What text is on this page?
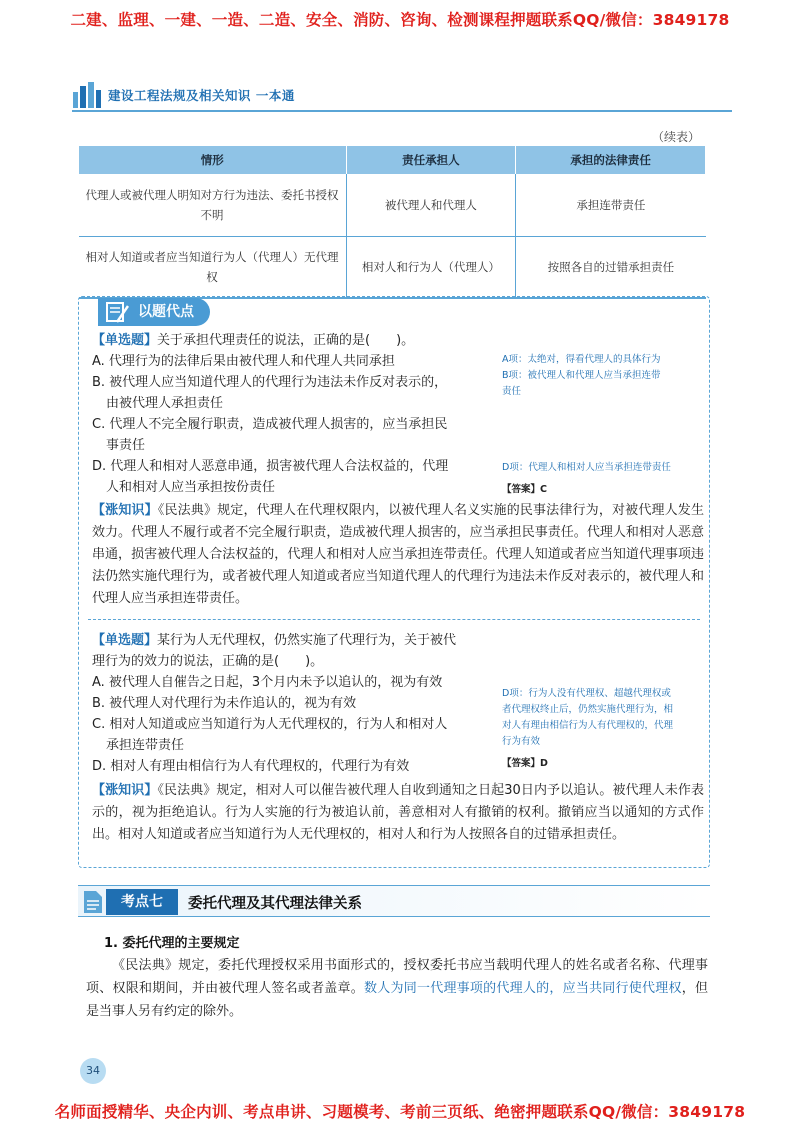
二建、监理、一建、一造、二造、安全、消防、咨询、检测课程押题联系QQ/微信：3849178
建设工程法规及相关知识 一本通
（续表）
情形	责任承担人	承担的法律责任
代理人或被代理人明知对方行为违法、委托书授权不明	被代理人和代理人	承担连带责任
相对人知道或者应当知道行为人（代理人）无代理权	相对人和行为人（代理人）	按照各自的过错承担责任
以题代点
【单选题】关于承担代理责任的说法，正确的是(　　)。
A. 代理行为的法律后果由被代理人和代理人共同承担
B. 被代理人应当知道代理人的代理行为违法未作反对表示的，
由被代理人承担责任
C. 代理人不完全履行职责，造成被代理人损害的，应当承担民
事责任
D. 代理人和相对人恶意串通，损害被代理人合法权益的，代理
人和相对人应当承担按份责任
A项：太绝对，得看代理人的具体行为
B项：被代理人和代理人应当承担连带
责任
D项：代理人和相对人应当承担连带责任
【答案】C
【涨知识】《民法典》规定，代理人在代理权限内，以被代理人名义实施的民事法律行为，对被代理人发生效力。代理人不履行或者不完全履行职责，造成被代理人损害的，应当承担民事责任。代理人和相对人恶意串通，损害被代理人合法权益的，代理人和相对人应当承担连带责任。代理人知道或者应当知道代理事项违法仍然实施代理行为，或者被代理人知道或者应当知道代理人的代理行为违法未作反对表示的，被代理人和代理人应当承担连带责任。
【单选题】某行为人无代理权，仍然实施了代理行为，关于被代
理行为的效力的说法，正确的是(　　)。
A. 被代理人自催告之日起，3个月内未予以追认的，视为有效
B. 被代理人对代理行为未作追认的，视为有效
C. 相对人知道或应当知道行为人无代理权的，行为人和相对人
承担连带责任
D. 相对人有理由相信行为人有代理权的，代理行为有效
D项：行为人没有代理权、超越代理权或
者代理权终止后，仍然实施代理行为，相
对人有理由相信行为人有代理权的，代理
行为有效
【答案】D
【涨知识】《民法典》规定，相对人可以催告被代理人自收到通知之日起30日内予以追认。被代理人未作表示的，视为拒绝追认。行为人实施的行为被追认前，善意相对人有撤销的权利。撤销应当以通知的方式作出。相对人知道或者应当知道行为人无代理权的，相对人和行为人按照各自的过错承担责任。
考点七	委托代理及其代理法律关系
1. 委托代理的主要规定
《民法典》规定，委托代理授权采用书面形式的，授权委托书应当载明代理人的姓名或者名称、代理事项、权限和期间，并由被代理人签名或者盖章。数人为同一代理事项的代理人的，应当共同行使代理权，但是当事人另有约定的除外。
34
名师面授精华、央企内训、考点串讲、习题模考、考前三页纸、绝密押题联系QQ/微信：3849178
